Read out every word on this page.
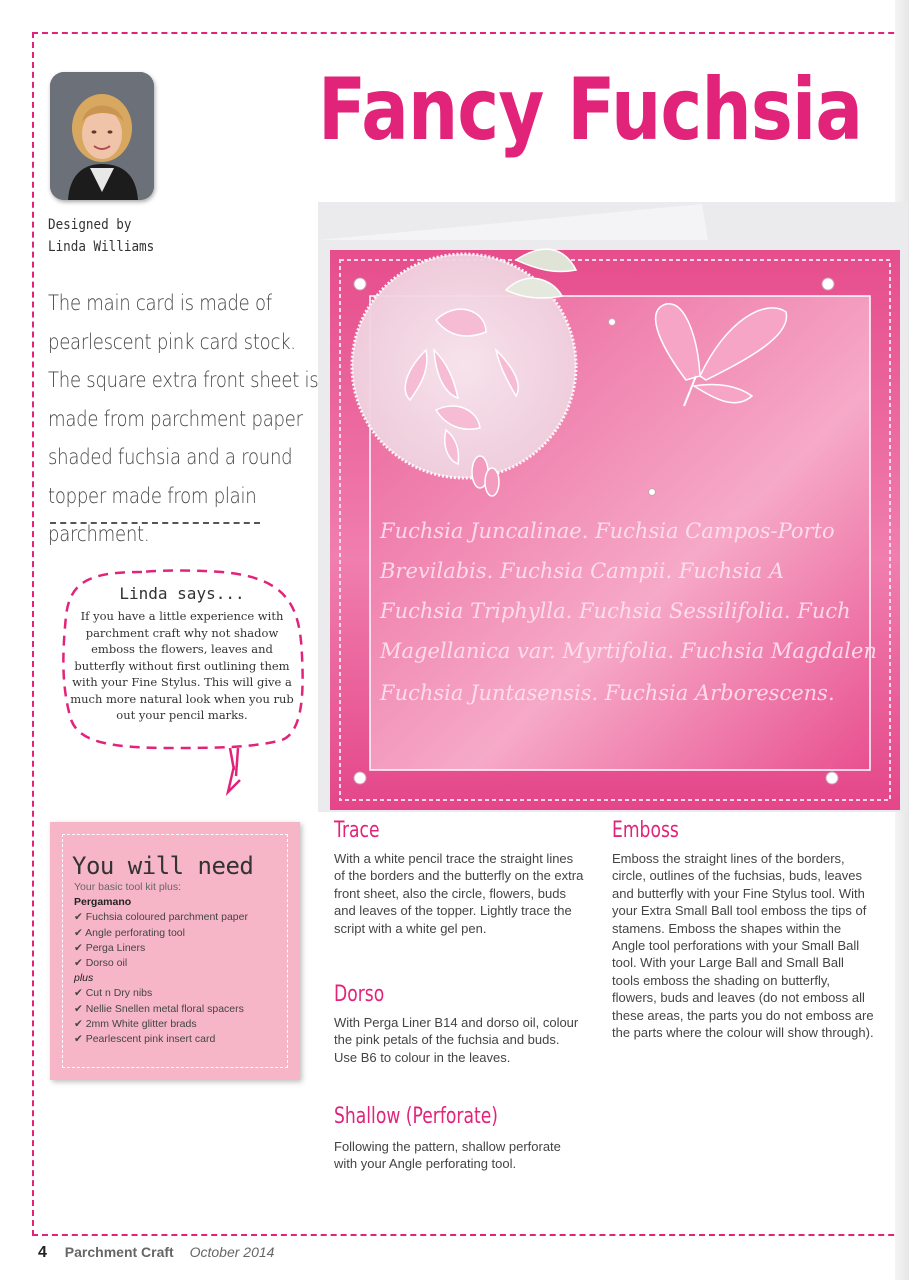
Fancy Fuchsia
Designed by
Linda Williams
The main card is made of pearlescent pink card stock. The square extra front sheet is made from parchment paper shaded fuchsia and a round topper made from plain parchment.
Linda says...
If you have a little experience with parchment craft why not shadow emboss the flowers, leaves and butterfly without first outlining them with your Fine Stylus. This will give a much more natural look when you rub out your pencil marks.
Fuchsia Juncalinae. Fuchsia Campos-Porto
Brevilabis. Fuchsia Campii. Fuchsia A
Fuchsia Triphylla. Fuchsia Sessilifolia. Fuch
Magellanica var. Myrtifolia. Fuchsia Magdalen
Fuchsia Juntasensis. Fuchsia Arborescens.
You will need
Your basic tool kit plus:
Pergamano
✔ Fuchsia coloured parchment paper
✔ Angle perforating tool
✔ Perga Liners
✔ Dorso oil
plus
✔ Cut n Dry nibs
✔ Nellie Snellen metal floral spacers
✔ 2mm White glitter brads
✔ Pearlescent pink insert card
Trace
With a white pencil trace the straight lines of the borders and the butterfly on the extra front sheet, also the circle, flowers, buds and leaves of the topper. Lightly trace the script with a white gel pen.
Dorso
With Perga Liner B14 and dorso oil, colour the pink petals of the fuchsia and buds. Use B6 to colour in the leaves.
Shallow (Perforate)
Following the pattern, shallow perforate with your Angle perforating tool.
Emboss
Emboss the straight lines of the borders, circle, outlines of the fuchsias, buds, leaves and butterfly with your Fine Stylus tool. With your Extra Small Ball tool emboss the tips of stamens. Emboss the shapes within the Angle tool perforations with your Small Ball tool. With your Large Ball and Small Ball tools emboss the shading on butterfly, flowers, buds and leaves (do not emboss all these areas, the parts you do not emboss are the parts where the colour will show through).
4 Parchment Craft October 2014
